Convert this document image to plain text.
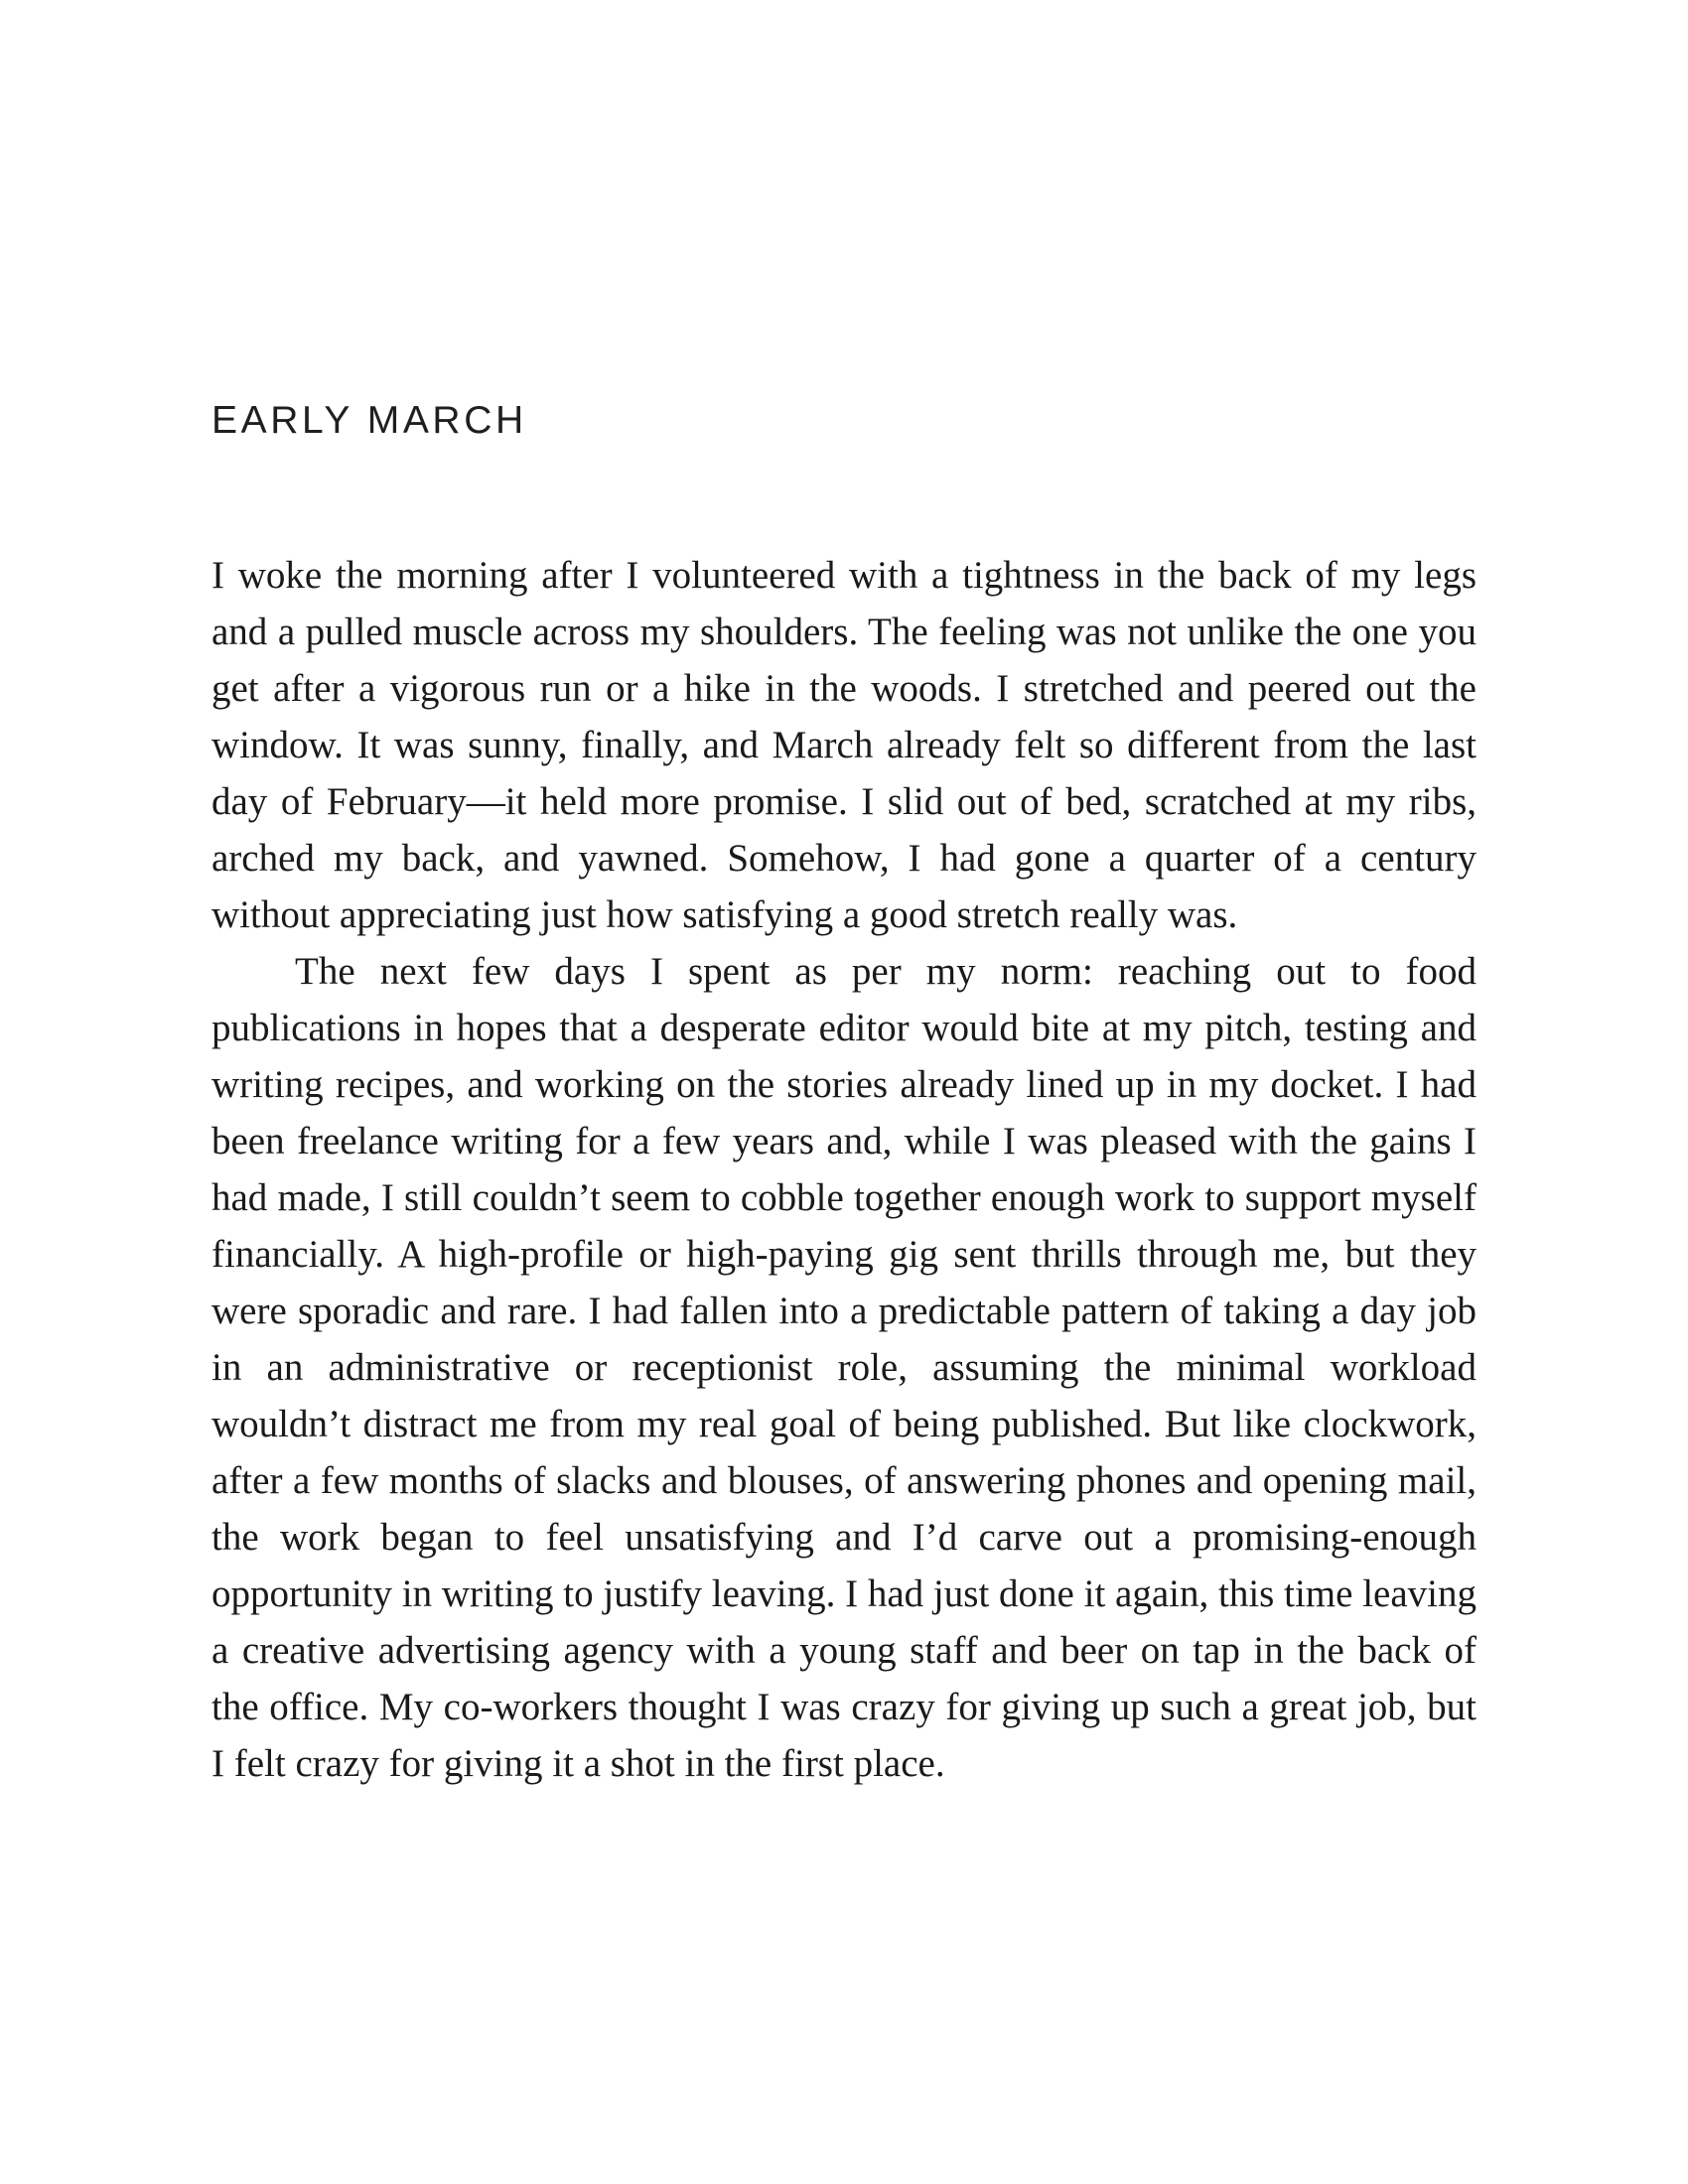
EARLY MARCH

I woke the morning after I volunteered with a tightness in the back of my legs and a pulled muscle across my shoulders. The feeling was not unlike the one you get after a vigorous run or a hike in the woods. I stretched and peered out the window. It was sunny, finally, and March already felt so different from the last day of February—it held more promise. I slid out of bed, scratched at my ribs, arched my back, and yawned. Somehow, I had gone a quarter of a century without appreciating just how satisfying a good stretch really was.

The next few days I spent as per my norm: reaching out to food publications in hopes that a desperate editor would bite at my pitch, testing and writing recipes, and working on the stories already lined up in my docket. I had been freelance writing for a few years and, while I was pleased with the gains I had made, I still couldn’t seem to cobble together enough work to support myself financially. A high-profile or high-paying gig sent thrills through me, but they were sporadic and rare. I had fallen into a predictable pattern of taking a day job in an administrative or receptionist role, assuming the minimal workload wouldn’t distract me from my real goal of being published. But like clockwork, after a few months of slacks and blouses, of answering phones and opening mail, the work began to feel unsatisfying and I’d carve out a promising-enough opportunity in writing to justify leaving. I had just done it again, this time leaving a creative advertising agency with a young staff and beer on tap in the back of the office. My co-workers thought I was crazy for giving up such a great job, but I felt crazy for giving it a shot in the first place.
